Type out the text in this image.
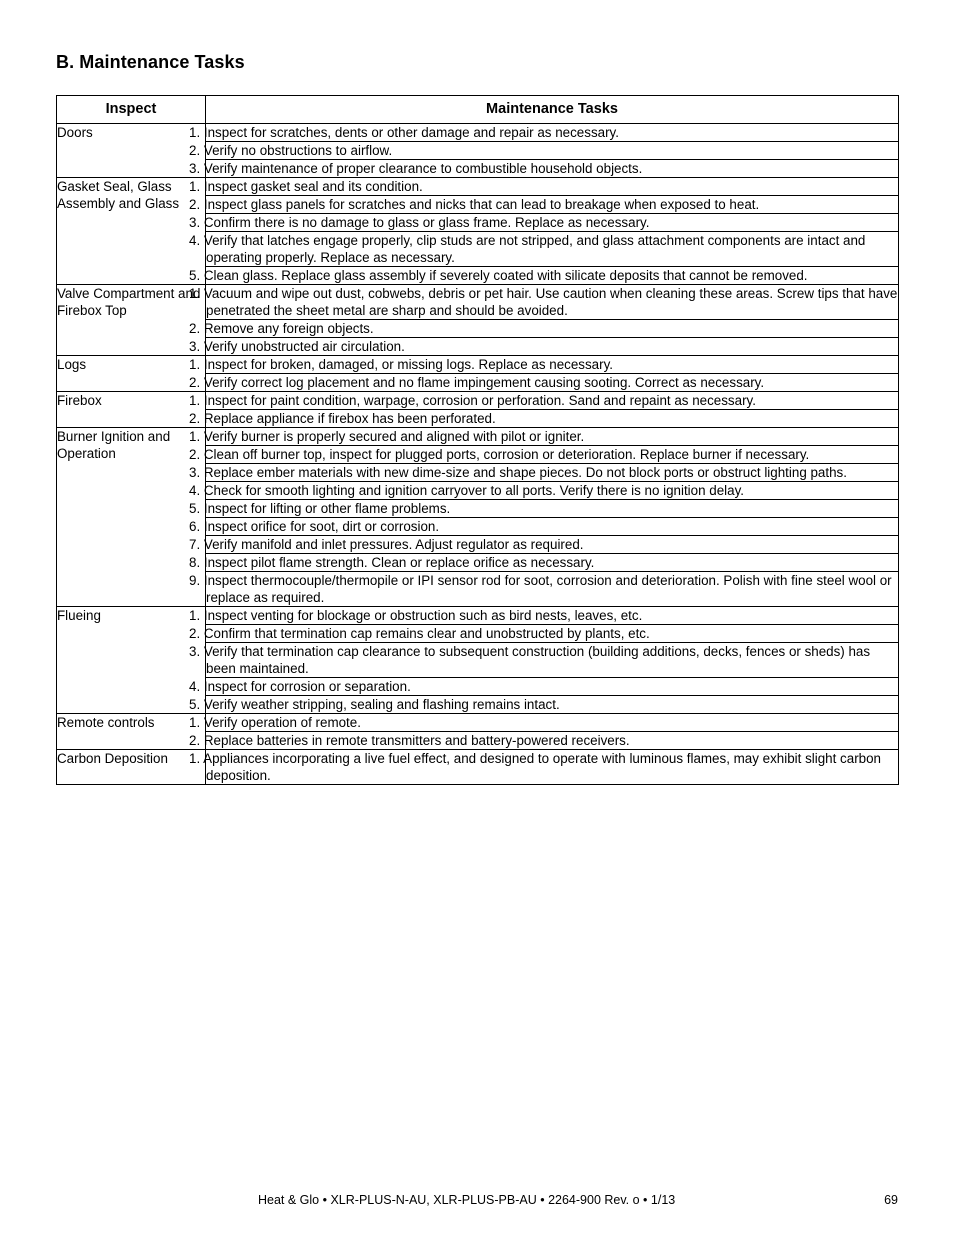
B. Maintenance Tasks
Inspect	Maintenance Tasks
Doors	1. Inspect for scratches, dents or other damage and repair as necessary.
	2. Verify no obstructions to airflow.
	3. Verify maintenance of proper clearance to combustible household objects.
Gasket Seal, Glass Assembly and Glass	1. Inspect gasket seal and its condition.
	2. Inspect glass panels for scratches and nicks that can lead to breakage when exposed to heat.
	3. Confirm there is no damage to glass or glass frame. Replace as necessary.
	4. Verify that latches engage properly, clip studs are not stripped, and glass attachment components are intact and operating properly. Replace as necessary.
	5. Clean glass. Replace glass assembly if severely coated with silicate deposits that cannot be removed.
Valve Compartment and Firebox Top	1. Vacuum and wipe out dust, cobwebs, debris or pet hair. Use caution when cleaning these areas. Screw tips that have penetrated the sheet metal are sharp and should be avoided.
	2. Remove any foreign objects.
	3. Verify unobstructed air circulation.
Logs	1. Inspect for broken, damaged, or missing logs. Replace as necessary.
	2. Verify correct log placement and no flame impingement causing sooting. Correct as necessary.
Firebox	1. Inspect for paint condition, warpage, corrosion or perforation. Sand and repaint as necessary.
	2. Replace appliance if firebox has been perforated.
Burner Ignition and Operation	1. Verify burner is properly secured and aligned with pilot or igniter.
	2. Clean off burner top, inspect for plugged ports, corrosion or deterioration. Replace burner if necessary.
	3. Replace ember materials with new dime-size and shape pieces. Do not block ports or obstruct lighting paths.
	4. Check for smooth lighting and ignition carryover to all ports. Verify there is no ignition delay.
	5. Inspect for lifting or other flame problems.
	6. Inspect orifice for soot, dirt or corrosion.
	7. Verify manifold and inlet pressures. Adjust regulator as required.
	8. Inspect pilot flame strength. Clean or replace orifice as necessary.
	9. Inspect thermocouple/thermopile or IPI sensor rod for soot, corrosion and deterioration. Polish with fine steel wool or replace as required.
Flueing	1. Inspect venting for blockage or obstruction such as bird nests, leaves, etc.
	2. Confirm that termination cap remains clear and unobstructed by plants, etc.
	3. Verify that termination cap clearance to subsequent construction (building additions, decks, fences or sheds) has been maintained.
	4. Inspect for corrosion or separation.
	5. Verify weather stripping, sealing and flashing remains intact.
Remote controls	1. Verify operation of remote.
	2. Replace batteries in remote transmitters and battery-powered receivers.
Carbon Deposition	1. Appliances incorporating a live fuel effect, and designed to operate with luminous flames, may exhibit slight carbon deposition.
Heat & Glo • XLR-PLUS-N-AU, XLR-PLUS-PB-AU • 2264-900 Rev. o • 1/13	69
